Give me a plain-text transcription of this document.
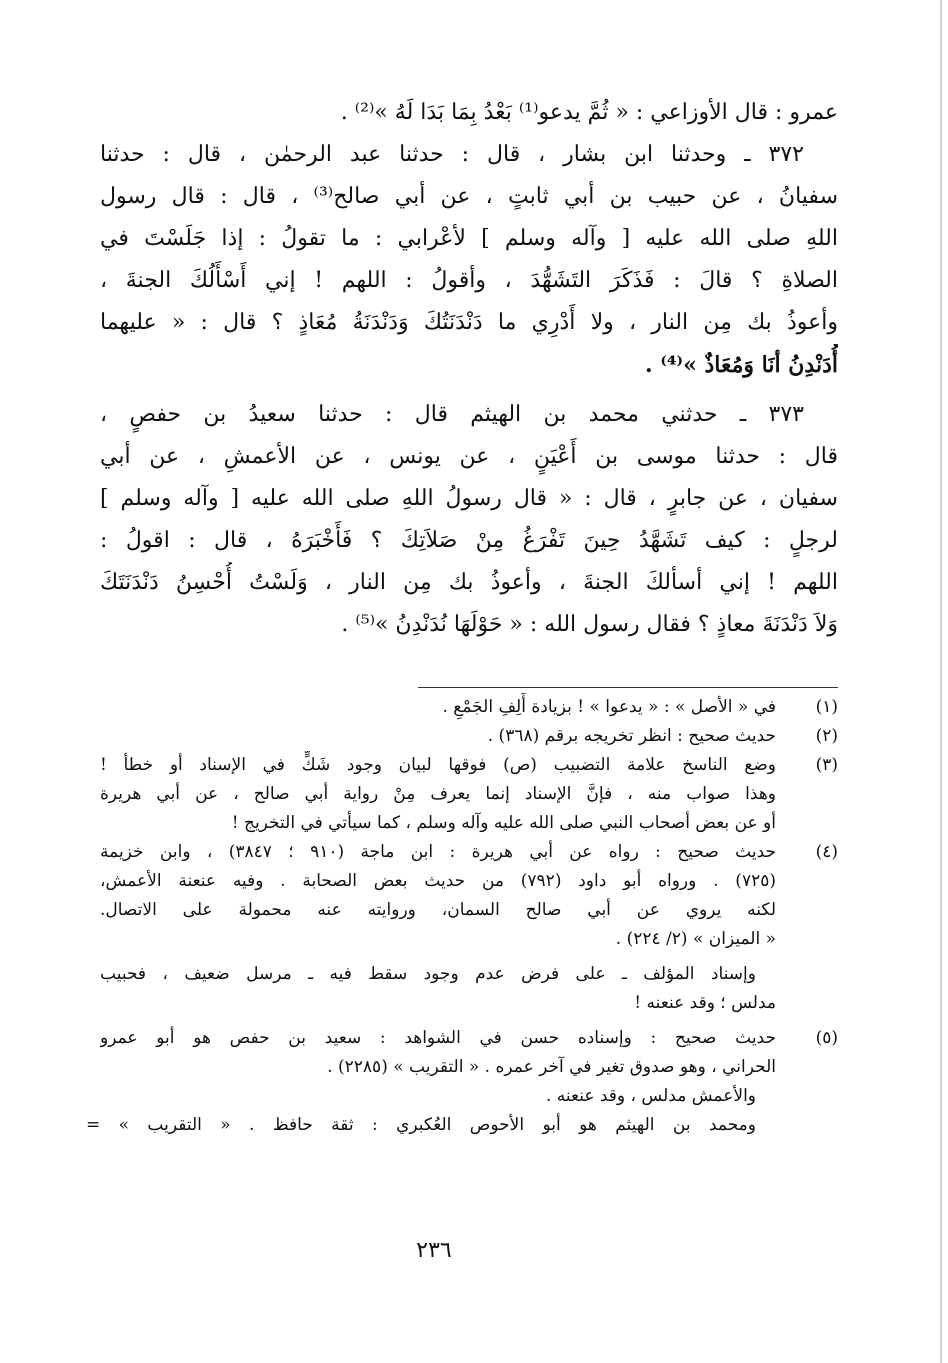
عمرو : قال الأوزاعي : « ثُمَّ يدعو⁽¹⁾ بَعْدُ بِمَا بَدَا لَهُ »⁽²⁾ .
٣٧٢ ـ وحدثنا ابن بشار ، قال : حدثنا عبد الرحمٰن ، قال : حدثنا
سفيانُ ، عن حبيب بن أبي ثابتٍ ، عن أبي صالح⁽³⁾ ، قال : قال رسول
اللهِ صلى الله عليه [ وآله وسلم ] لأعْرابي : ما تقولُ : إذا جَلَسْتَ في
الصلاةِ ؟ قالَ : فَذَكَرَ التَشَهُّدَ ، وأقولُ : اللهم ! إني أَسْأَلُكَ الجنةَ ،
وأعوذُ بك مِن النار ، ولا أَدْرِي ما دَنْدَنَتُكَ وَدَنْدَنَةُ مُعَاذٍ ؟ قال : « عليهما
أُدَنْدِنُ أنَا وَمُعَاذٌ »⁽⁴⁾ .
٣٧٣ ـ حدثني محمد بن الهيثم قال : حدثنا سعيدُ بن حفصٍ ،
قال : حدثنا موسى بن أَعْيَنٍ ، عن يونس ، عن الأعمشِ ، عن أبي
سفيان ، عن جابرٍ ، قال : « قال رسولُ اللهِ صلى الله عليه [ وآله وسلم ]
لرجلٍ : كيف تَشَهَّدُ حِينَ تَفْرَغُ مِنْ صَلاَتِكَ ؟ فَأَخْبَرَهُ ، قال : اقولُ :
اللهم ! إني أسألكَ الجنةَ ، وأعوذُ بك مِن النار ، وَلَسْتُ أُحْسِنُ دَنْدَنَتَكَ
وَلاَ دَنْدَنَةَ معاذٍ ؟ فقال رسول الله : « حَوْلَهَا نُدَنْدِنُ »⁽⁵⁾ .
(١)
في « الأصل » : « يدعوا » ! بزيادة أَلِفِ الجَمْعِ .
(٢)
حديث صحيح : انظر تخريجه برقم (٣٦٨) .
(٣)
وضع الناسخ علامة التضبيب (ص) فوقها لبيان وجود شَكٍّ في الإسناد أو خطأ !
وهذا صواب منه ، فإنَّ الإسناد إنما يعرف مِنْ رواية أبي صالح ، عن أبي هريرة
أو عن بعض أصحاب النبي صلى الله عليه وآله وسلم ، كما سيأتي في التخريج !
(٤)
حديث صحيح : رواه عن أبي هريرة : ابن ماجة (٩١٠ ؛ ٣٨٤٧) ، وابن خزيمة
(٧٢٥) . ورواه أبو داود (٧٩٢) من حديث بعض الصحابة . وفيه عنعنة الأعمش،
لكنه يروي عن أبي صالح السمان، وروايته عنه محمولة على الاتصال.
« الميزان » (٢/ ٢٢٤) .
وإسناد المؤلف ـ على فرض عدم وجود سقط فيه ـ مرسل ضعيف ، فحبيب
مدلس ؛ وقد عنعنه !
(٥)
حديث صحيح : وإسناده حسن في الشواهد : سعيد بن حفص هو أبو عمرو
الحراني ، وهو صدوق تغير في آخر عمره . « التقريب » (٢٢٨٥) .
والأعمش مدلس ، وقد عنعنه .
ومحمد بن الهيثم هو أبو الأحوص العُكبري : ثقة حافظ . « التقريب » =
٢٣٦
